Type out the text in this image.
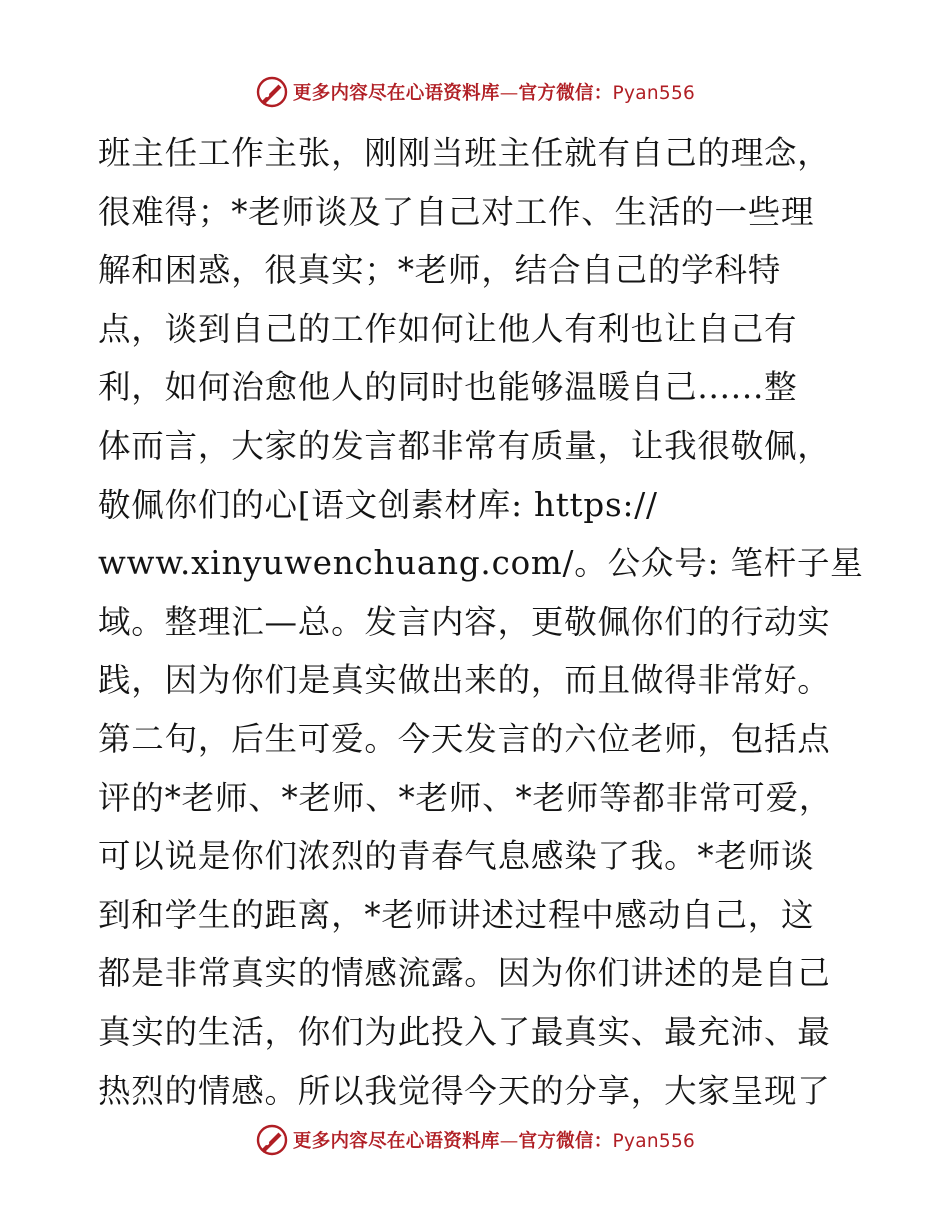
更多内容尽在心语资料库—官方微信：Pyan556
班主任工作主张，刚刚当班主任就有自己的理念，
很难得；*老师谈及了自己对工作、生活的一些理
解和困惑，很真实；*老师，结合自己的学科特
点，谈到自己的工作如何让他人有利也让自己有
利，如何治愈他人的同时也能够温暖自己......整
体而言，大家的发言都非常有质量，让我很敬佩，
敬佩你们的心[语文创素材库: https://
www.xinyuwenchuang.com/。公众号: 笔杆子星
域。整理汇—总。发言内容，更敬佩你们的行动实
践，因为你们是真实做出来的，而且做得非常好。
第二句，后生可爱。今天发言的六位老师，包括点
评的*老师、*老师、*老师、*老师等都非常可爱，
可以说是你们浓烈的青春气息感染了我。*老师谈
到和学生的距离，*老师讲述过程中感动自己，这
都是非常真实的情感流露。因为你们讲述的是自己
真实的生活，你们为此投入了最真实、最充沛、最
热烈的情感。所以我觉得今天的分享，大家呈现了
更多内容尽在心语资料库—官方微信：Pyan556
